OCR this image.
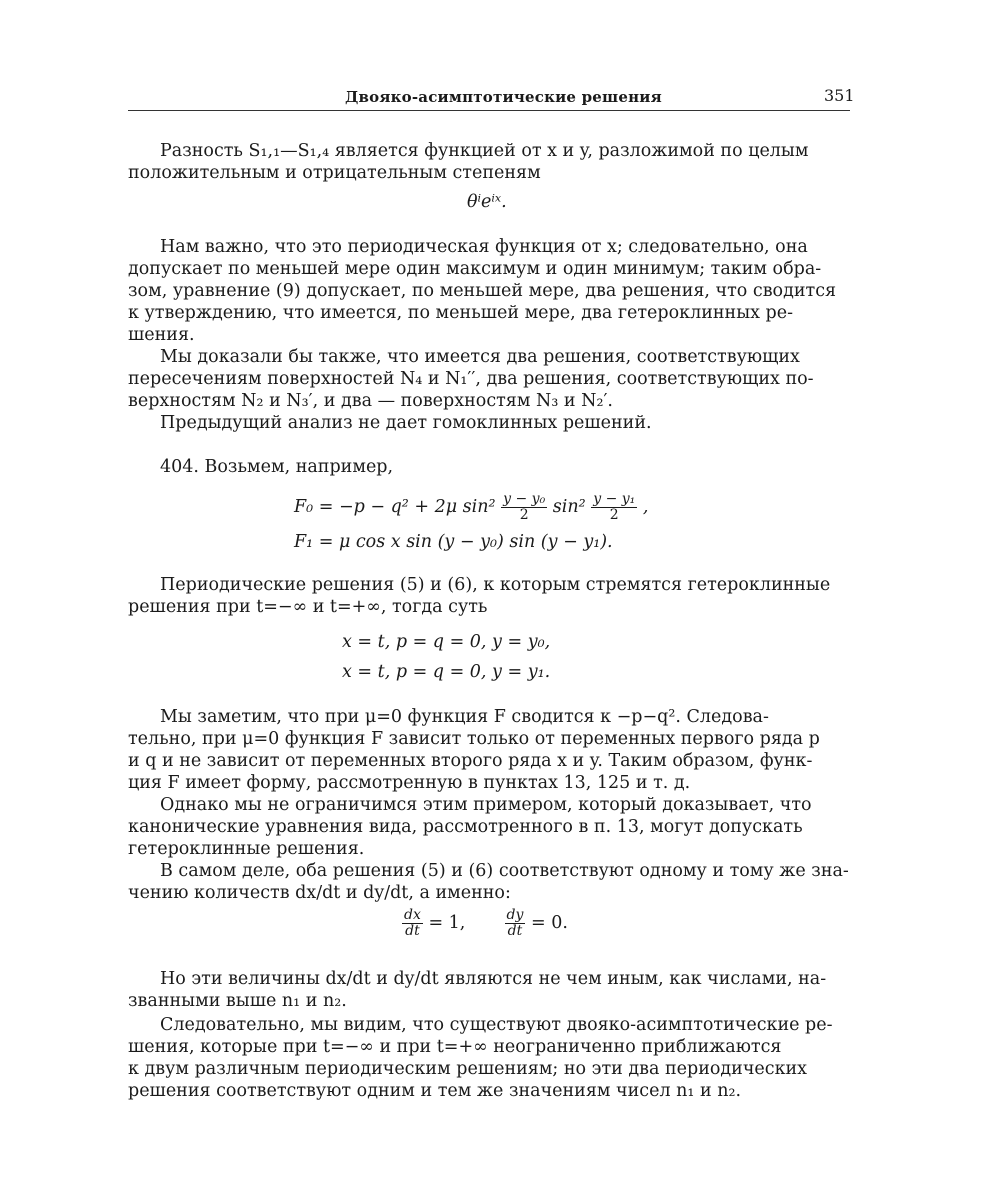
Двояко-асимптотические решения	351
Разность S₁,₁—S₁,₄ является функцией от x и y, разложимой по целым
положительным и отрицательным степеням
θⁱeⁱˣ.
Нам важно, что это периодическая функция от x; следовательно, она
допускает по меньшей мере один максимум и один минимум; таким обра-
зом, уравнение (9) допускает, по меньшей мере, два решения, что сводится
к утверждению, что имеется, по меньшей мере, два гетероклинных ре-
шения.
Мы доказали бы также, что имеется два решения, соответствующих
пересечениям поверхностей N₄ и N₁′′, два решения, соответствующих по-
верхностям N₂ и N₃′, и два — поверхностям N₃ и N₂′.
Предыдущий анализ не дает гомоклинных решений.
404. Возьмем, например,
F₀ = −p − q² + 2μ $\sin^2 \frac{\text{y − y₀}}{2} \sin^2 \frac{\text{y − y₁}}{2}$ ,
F₁ = μ cos x sin (y − y₀) sin (y − y₁).
Периодические решения (5) и (6), к которым стремятся гетероклинные
решения при t=−∞ и t=+∞, тогда суть
x = t, p = q = 0, y = y₀,
x = t, p = q = 0, y = y₁.
Мы заметим, что при μ=0 функция F сводится к −p−q². Следова-
тельно, при μ=0 функция F зависит только от переменных первого ряда p
и q и не зависит от переменных второго ряда x и y. Таким образом, функ-
ция F имеет форму, рассмотренную в пунктах 13, 125 и т. д.
Однако мы не ограничимся этим примером, который доказывает, что
канонические уравнения вида, рассмотренного в п. 13, могут допускать
гетероклинные решения.
В самом деле, оба решения (5) и (6) соответствуют одному и тому же зна-
чению количеств dx/dt и dy/dt, а именно:
$\frac{dx}{dt} = 1$,	$\frac{dy}{dt} = 0$.
Но эти величины dx/dt и dy/dt являются не чем иным, как числами, на-
званными выше n₁ и n₂.
Следовательно, мы видим, что существуют двояко-асимптотические ре-
шения, которые при t=−∞ и при t=+∞ неограниченно приближаются
к двум различным периодическим решениям; но эти два периодических
решения соответствуют одним и тем же значениям чисел n₁ и n₂.
